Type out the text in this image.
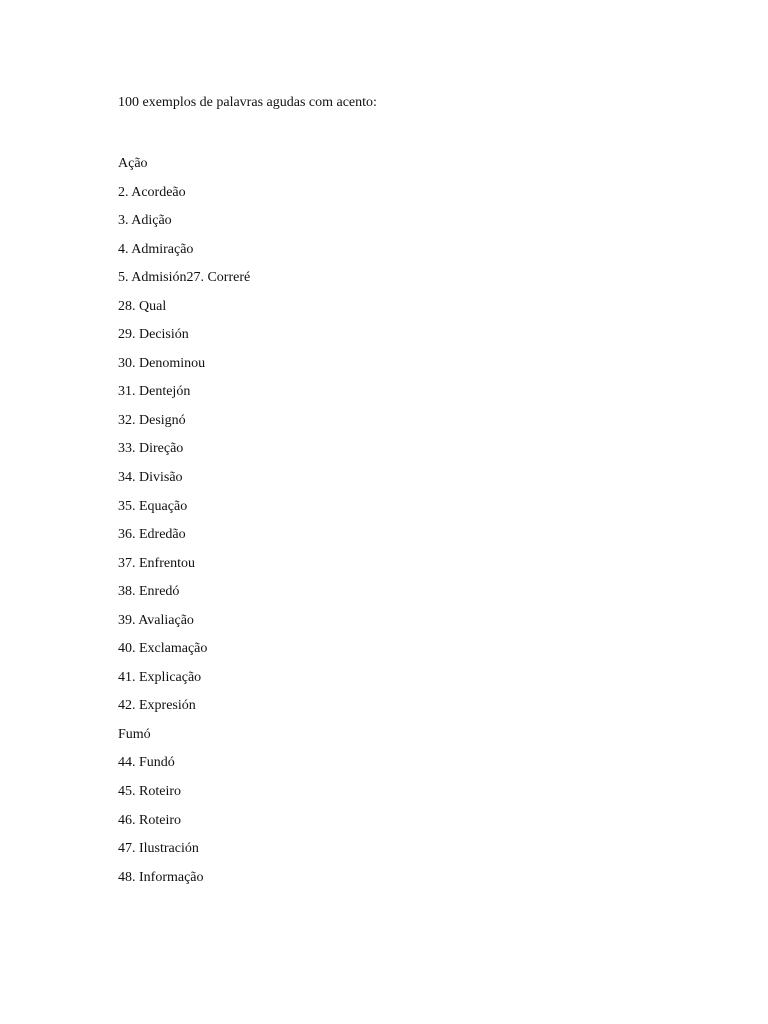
100 exemplos de palavras agudas com acento:

Ação
2. Acordeão
3. Adição
4. Admiração
5. Admisión27. Correré
28. Qual
29. Decisión
30. Denominou
31. Dentejón
32. Designó
33. Direção
34. Divisão
35. Equação
36. Edredão
37. Enfrentou
38. Enredó
39. Avaliação
40. Exclamação
41. Explicação
42. Expresión
Fumó
44. Fundó
45. Roteiro
46. Roteiro
47. Ilustración
48. Informação
